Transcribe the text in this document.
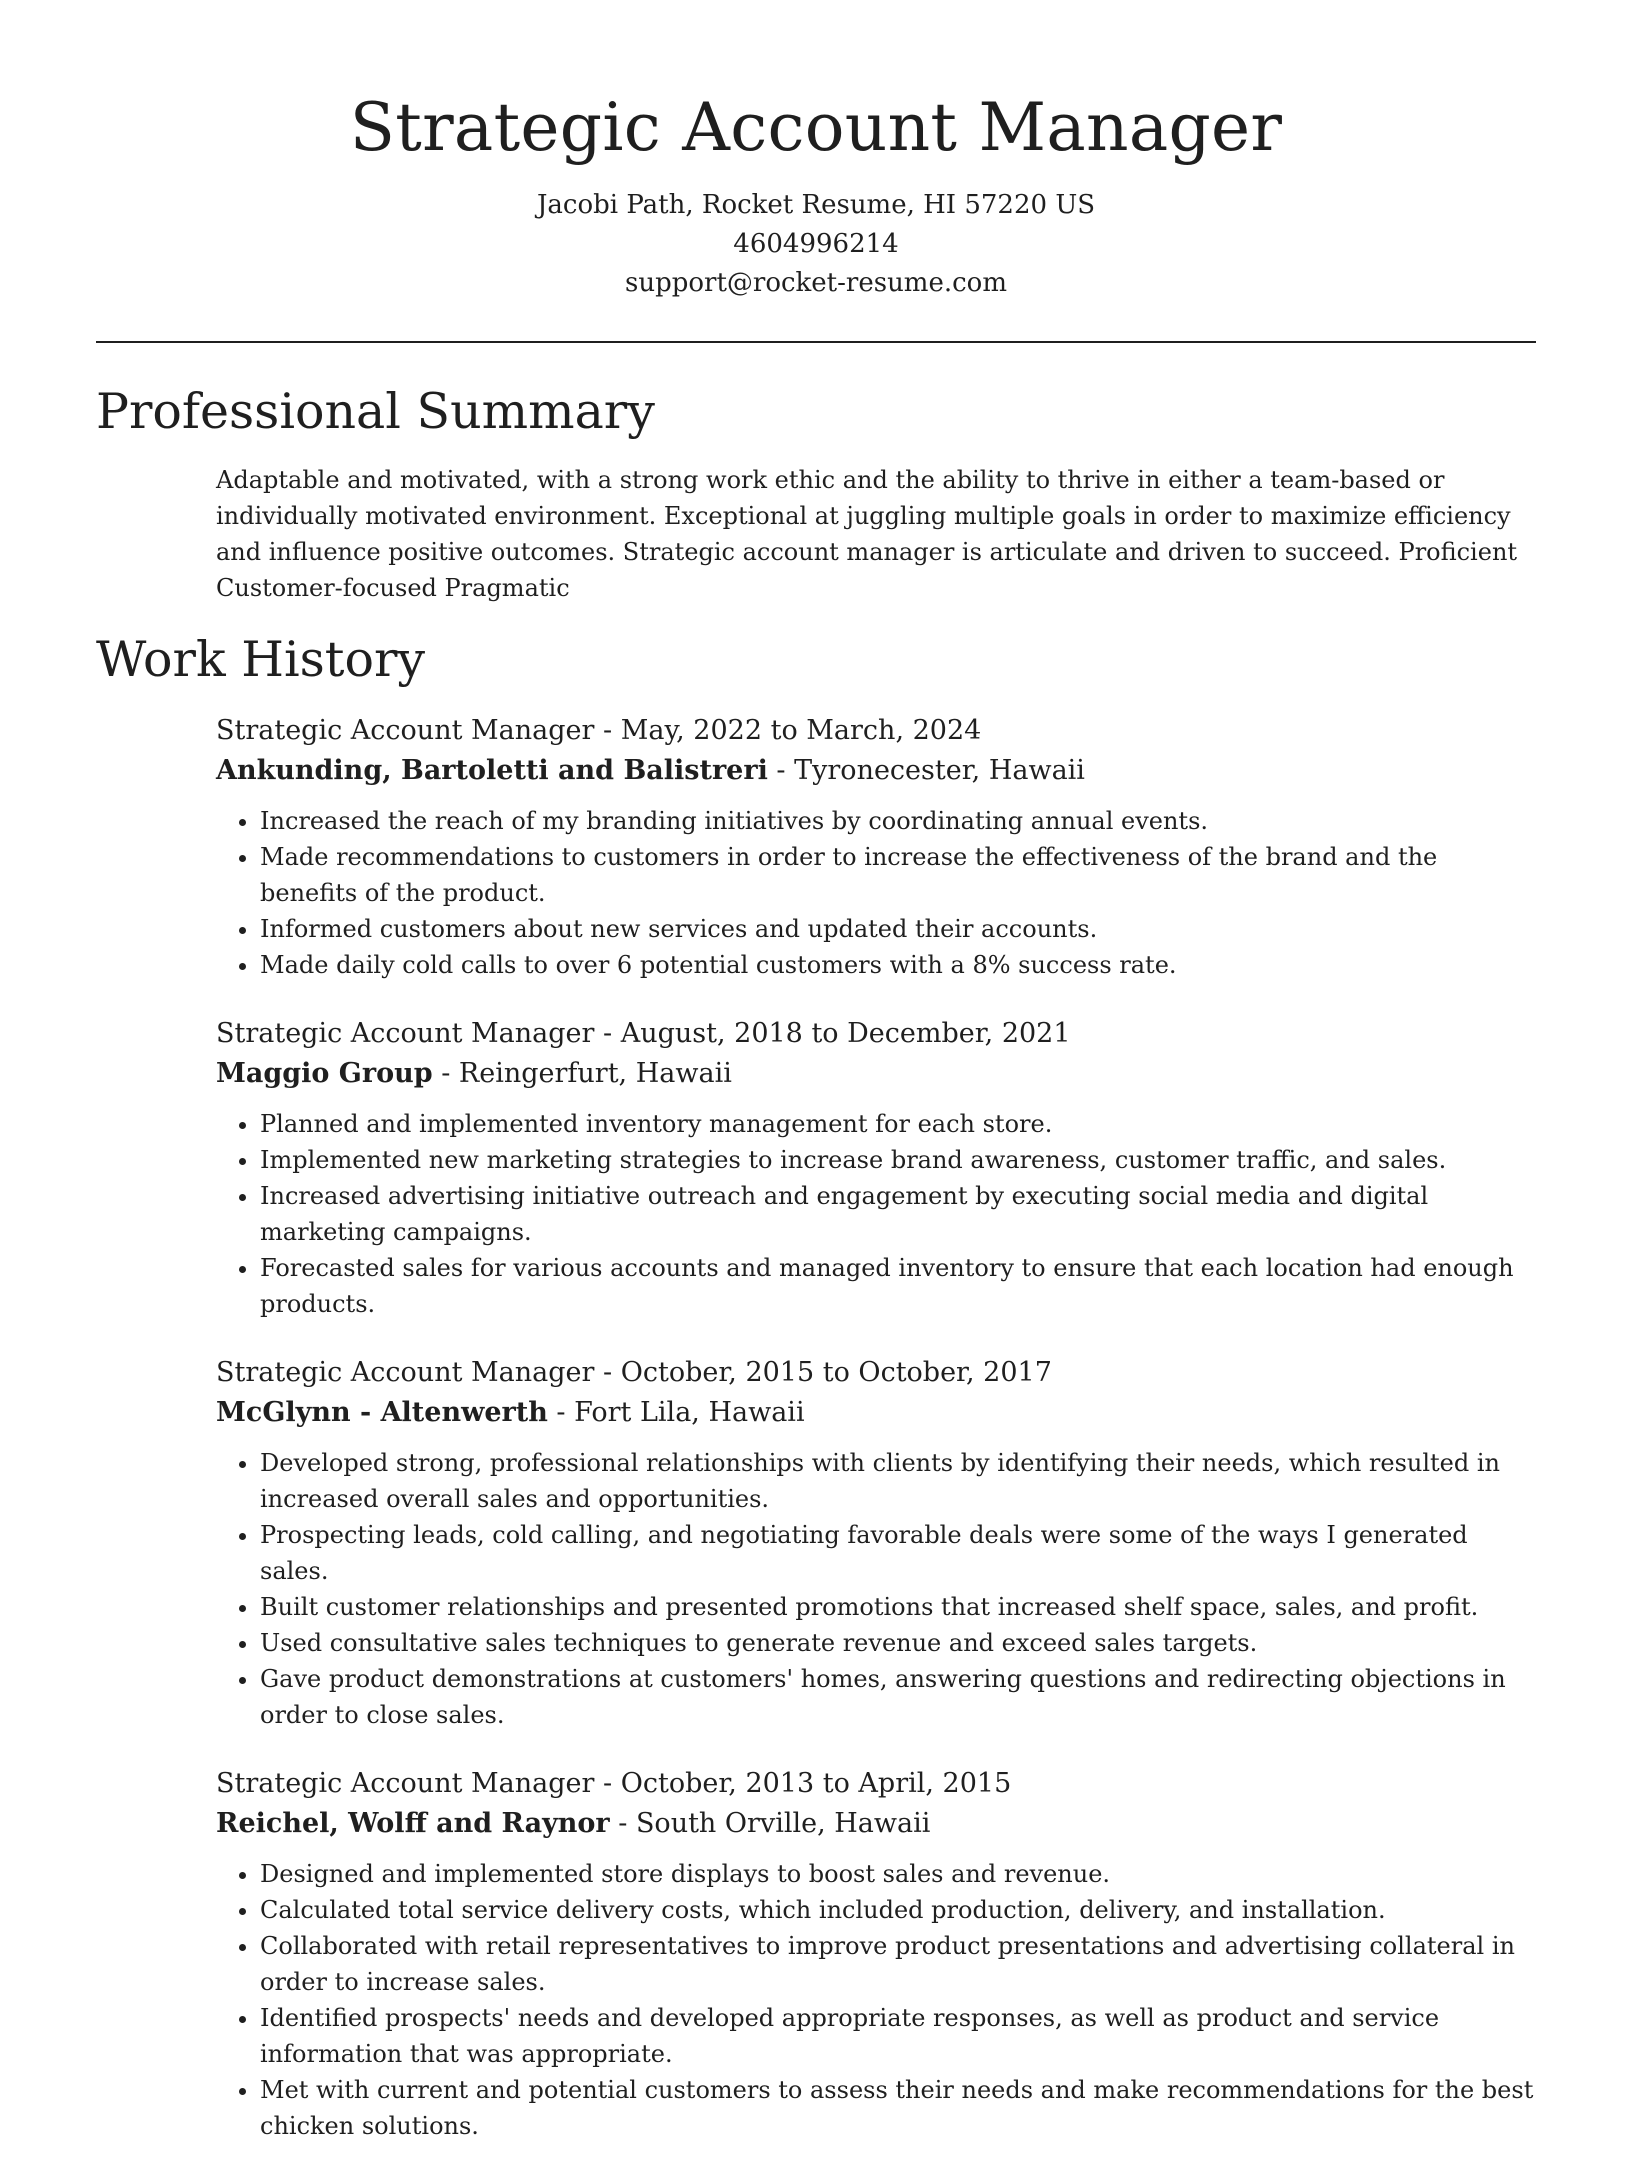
Strategic Account Manager
Jacobi Path, Rocket Resume, HI 57220 US
4604996214
support@rocket-resume.com
Professional Summary

Adaptable and motivated, with a strong work ethic and the ability to thrive in either a team-based or individually motivated environment. Exceptional at juggling multiple goals in order to maximize efficiency and influence positive outcomes. Strategic account manager is articulate and driven to succeed. Proficient Customer-focused Pragmatic

Work History
Strategic Account Manager - May, 2022 to March, 2024
Ankunding, Bartoletti and Balistreri - Tyronecester, Hawaii
• Increased the reach of my branding initiatives by coordinating annual events.
• Made recommendations to customers in order to increase the effectiveness of the brand and the benefits of the product.
• Informed customers about new services and updated their accounts.
• Made daily cold calls to over 6 potential customers with a 8% success rate.
Strategic Account Manager - August, 2018 to December, 2021
Maggio Group - Reingerfurt, Hawaii
• Planned and implemented inventory management for each store.
• Implemented new marketing strategies to increase brand awareness, customer traffic, and sales.
• Increased advertising initiative outreach and engagement by executing social media and digital marketing campaigns.
• Forecasted sales for various accounts and managed inventory to ensure that each location had enough products.
Strategic Account Manager - October, 2015 to October, 2017
McGlynn - Altenwerth - Fort Lila, Hawaii
• Developed strong, professional relationships with clients by identifying their needs, which resulted in increased overall sales and opportunities.
• Prospecting leads, cold calling, and negotiating favorable deals were some of the ways I generated sales.
• Built customer relationships and presented promotions that increased shelf space, sales, and profit.
• Used consultative sales techniques to generate revenue and exceed sales targets.
• Gave product demonstrations at customers' homes, answering questions and redirecting objections in order to close sales.
Strategic Account Manager - October, 2013 to April, 2015
Reichel, Wolff and Raynor - South Orville, Hawaii
• Designed and implemented store displays to boost sales and revenue.
• Calculated total service delivery costs, which included production, delivery, and installation.
• Collaborated with retail representatives to improve product presentations and advertising collateral in order to increase sales.
• Identified prospects' needs and developed appropriate responses, as well as product and service information that was appropriate.
• Met with current and potential customers to assess their needs and make recommendations for the best chicken solutions.
